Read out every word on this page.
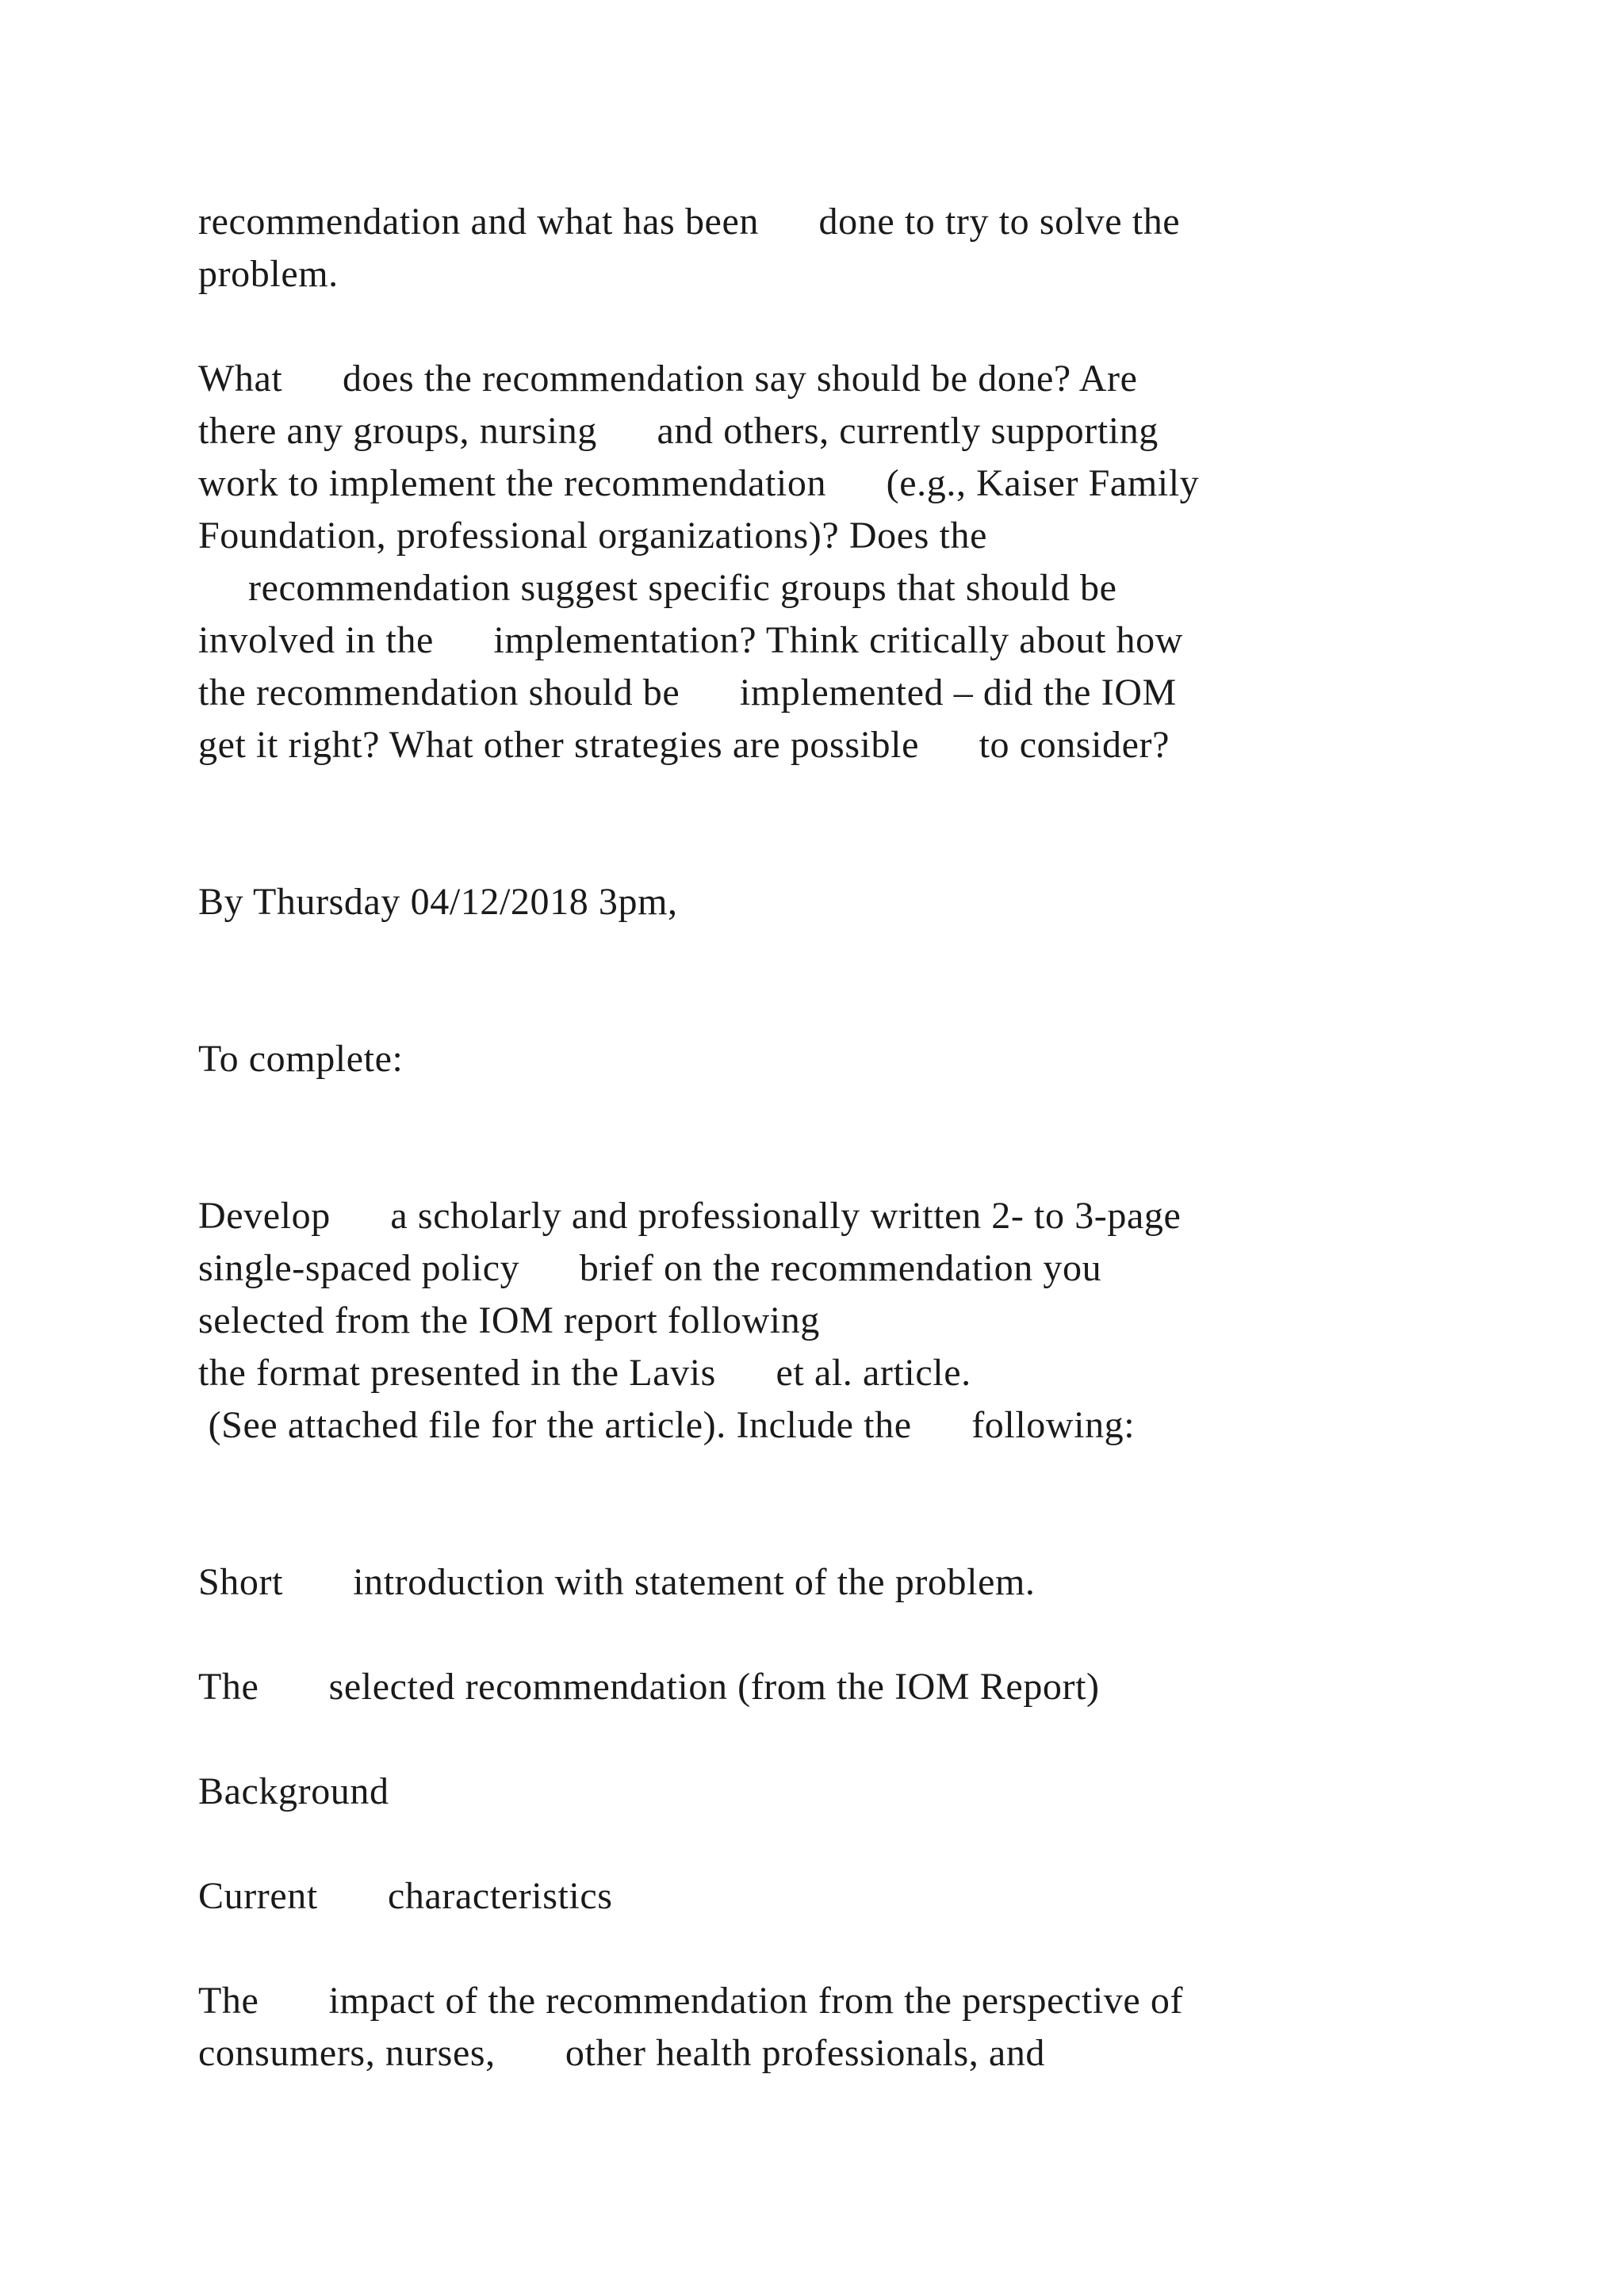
recommendation and what has been      done to try to solve the

problem.

What      does the recommendation say should be done? Are

there any groups, nursing      and others, currently supporting

work to implement the recommendation      (e.g., Kaiser Family

Foundation, professional organizations)? Does the

recommendation suggest specific groups that should be

involved in the      implementation? Think critically about how

the recommendation should be      implemented – did the IOM

get it right? What other strategies are possible      to consider?

By Thursday 04/12/2018 3pm,

To complete:

Develop      a scholarly and professionally written 2- to 3-page

single-spaced policy      brief on the recommendation you

selected from the IOM report following

the format presented in the Lavis      et al. article.

(See attached file for the article). Include the      following:

Short       introduction with statement of the problem.

The       selected recommendation (from the IOM Report)

Background

Current       characteristics

The       impact of the recommendation from the perspective of

consumers, nurses,       other health professionals, and
